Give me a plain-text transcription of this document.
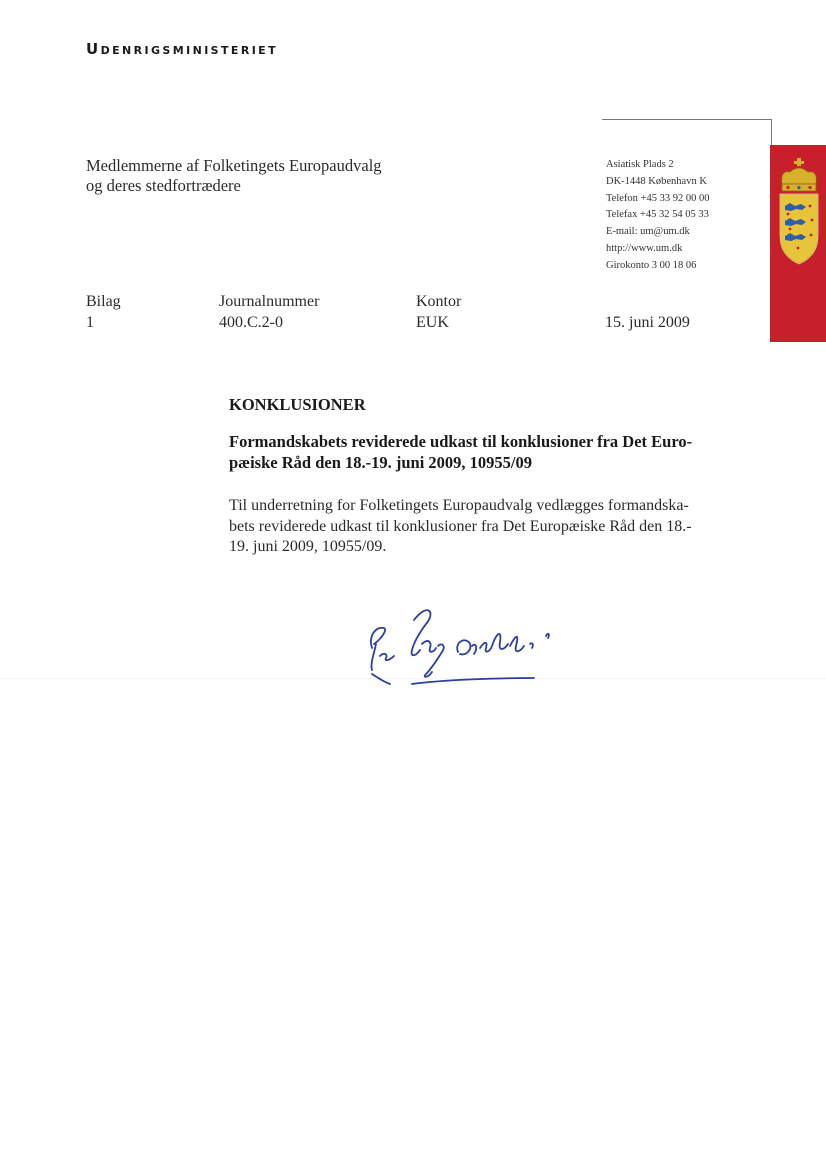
Udenrigsministeriet
Medlemmerne af Folketingets Europaudvalg
og deres stedfortrædere
Asiatisk Plads 2
DK-1448 København K
Telefon +45 33 92 00 00
Telefax +45 32 54 05 33
E-mail: um@um.dk
http://www.um.dk
Girokonto 3 00 18 06
Bilag
1
Journalnummer
400.C.2-0
Kontor
EUK	15. juni 2009
KONKLUSIONER
Formandskabets reviderede udkast til konklusioner fra Det Euro-
pæiske Råd den 18.-19. juni 2009, 10955/09
Til underretning for Folketingets Europaudvalg vedlægges formandska-
bets reviderede udkast til konklusioner fra Det Europæiske Råd den 18.-
19. juni 2009, 10955/09.
